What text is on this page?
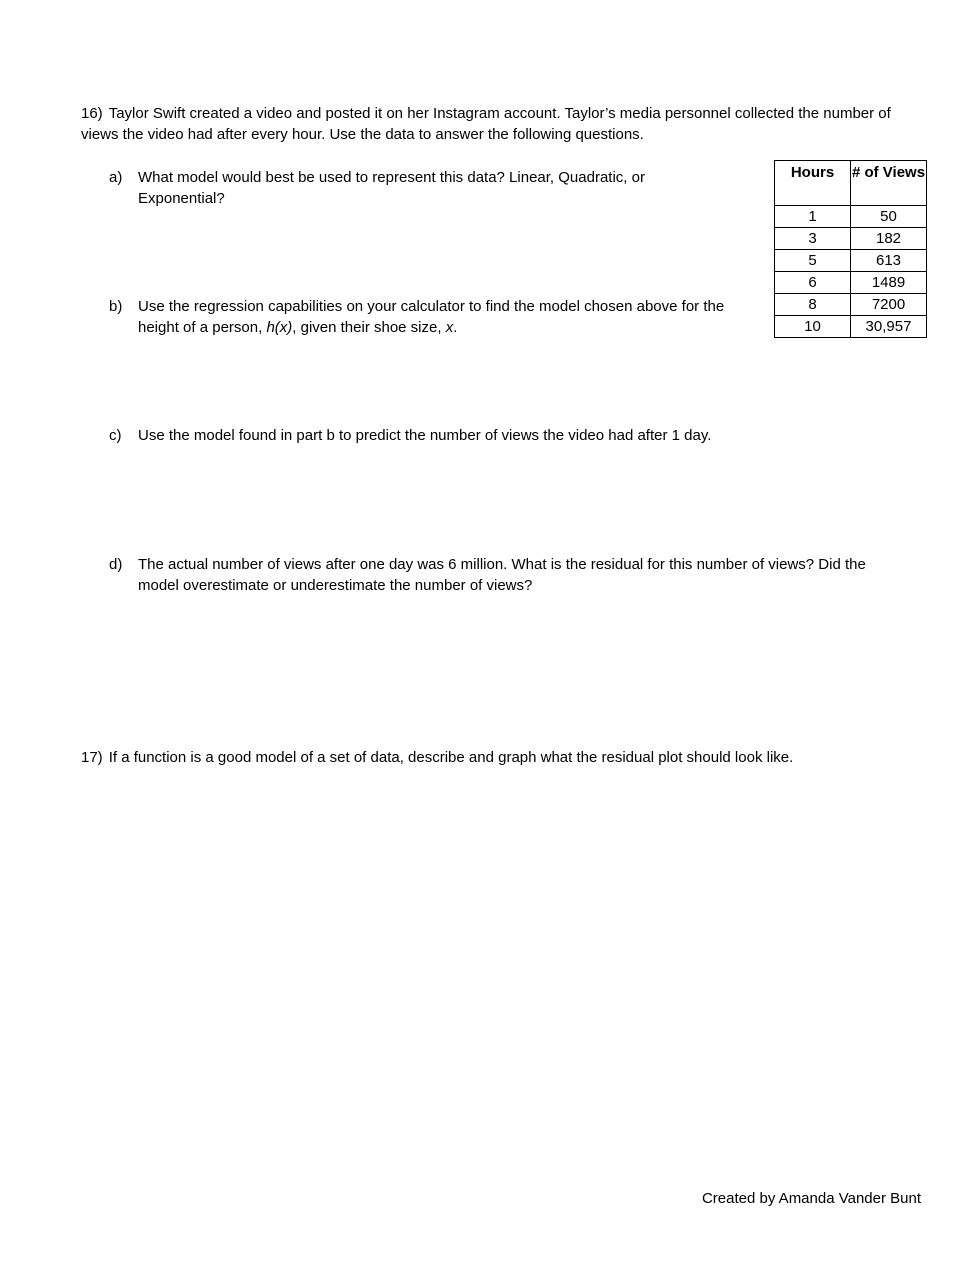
16) Taylor Swift created a video and posted it on her Instagram account. Taylor’s media personnel collected the number of views the video had after every hour. Use the data to answer the following questions.
a)	What model would best be used to represent this data? Linear, Quadratic, or Exponential?
b)	Use the regression capabilities on your calculator to find the model chosen above for the height of a person, h(x), given their shoe size, x.
c)	Use the model found in part b to predict the number of views the video had after 1 day.
d)	The actual number of views after one day was 6 million. What is the residual for this number of views? Did the model overestimate or underestimate the number of views?
Hours	# of Views
1	50
3	182
5	613
6	1489
8	7200
10	30,957
17) If a function is a good model of a set of data, describe and graph what the residual plot should look like.
Created by Amanda Vander Bunt
